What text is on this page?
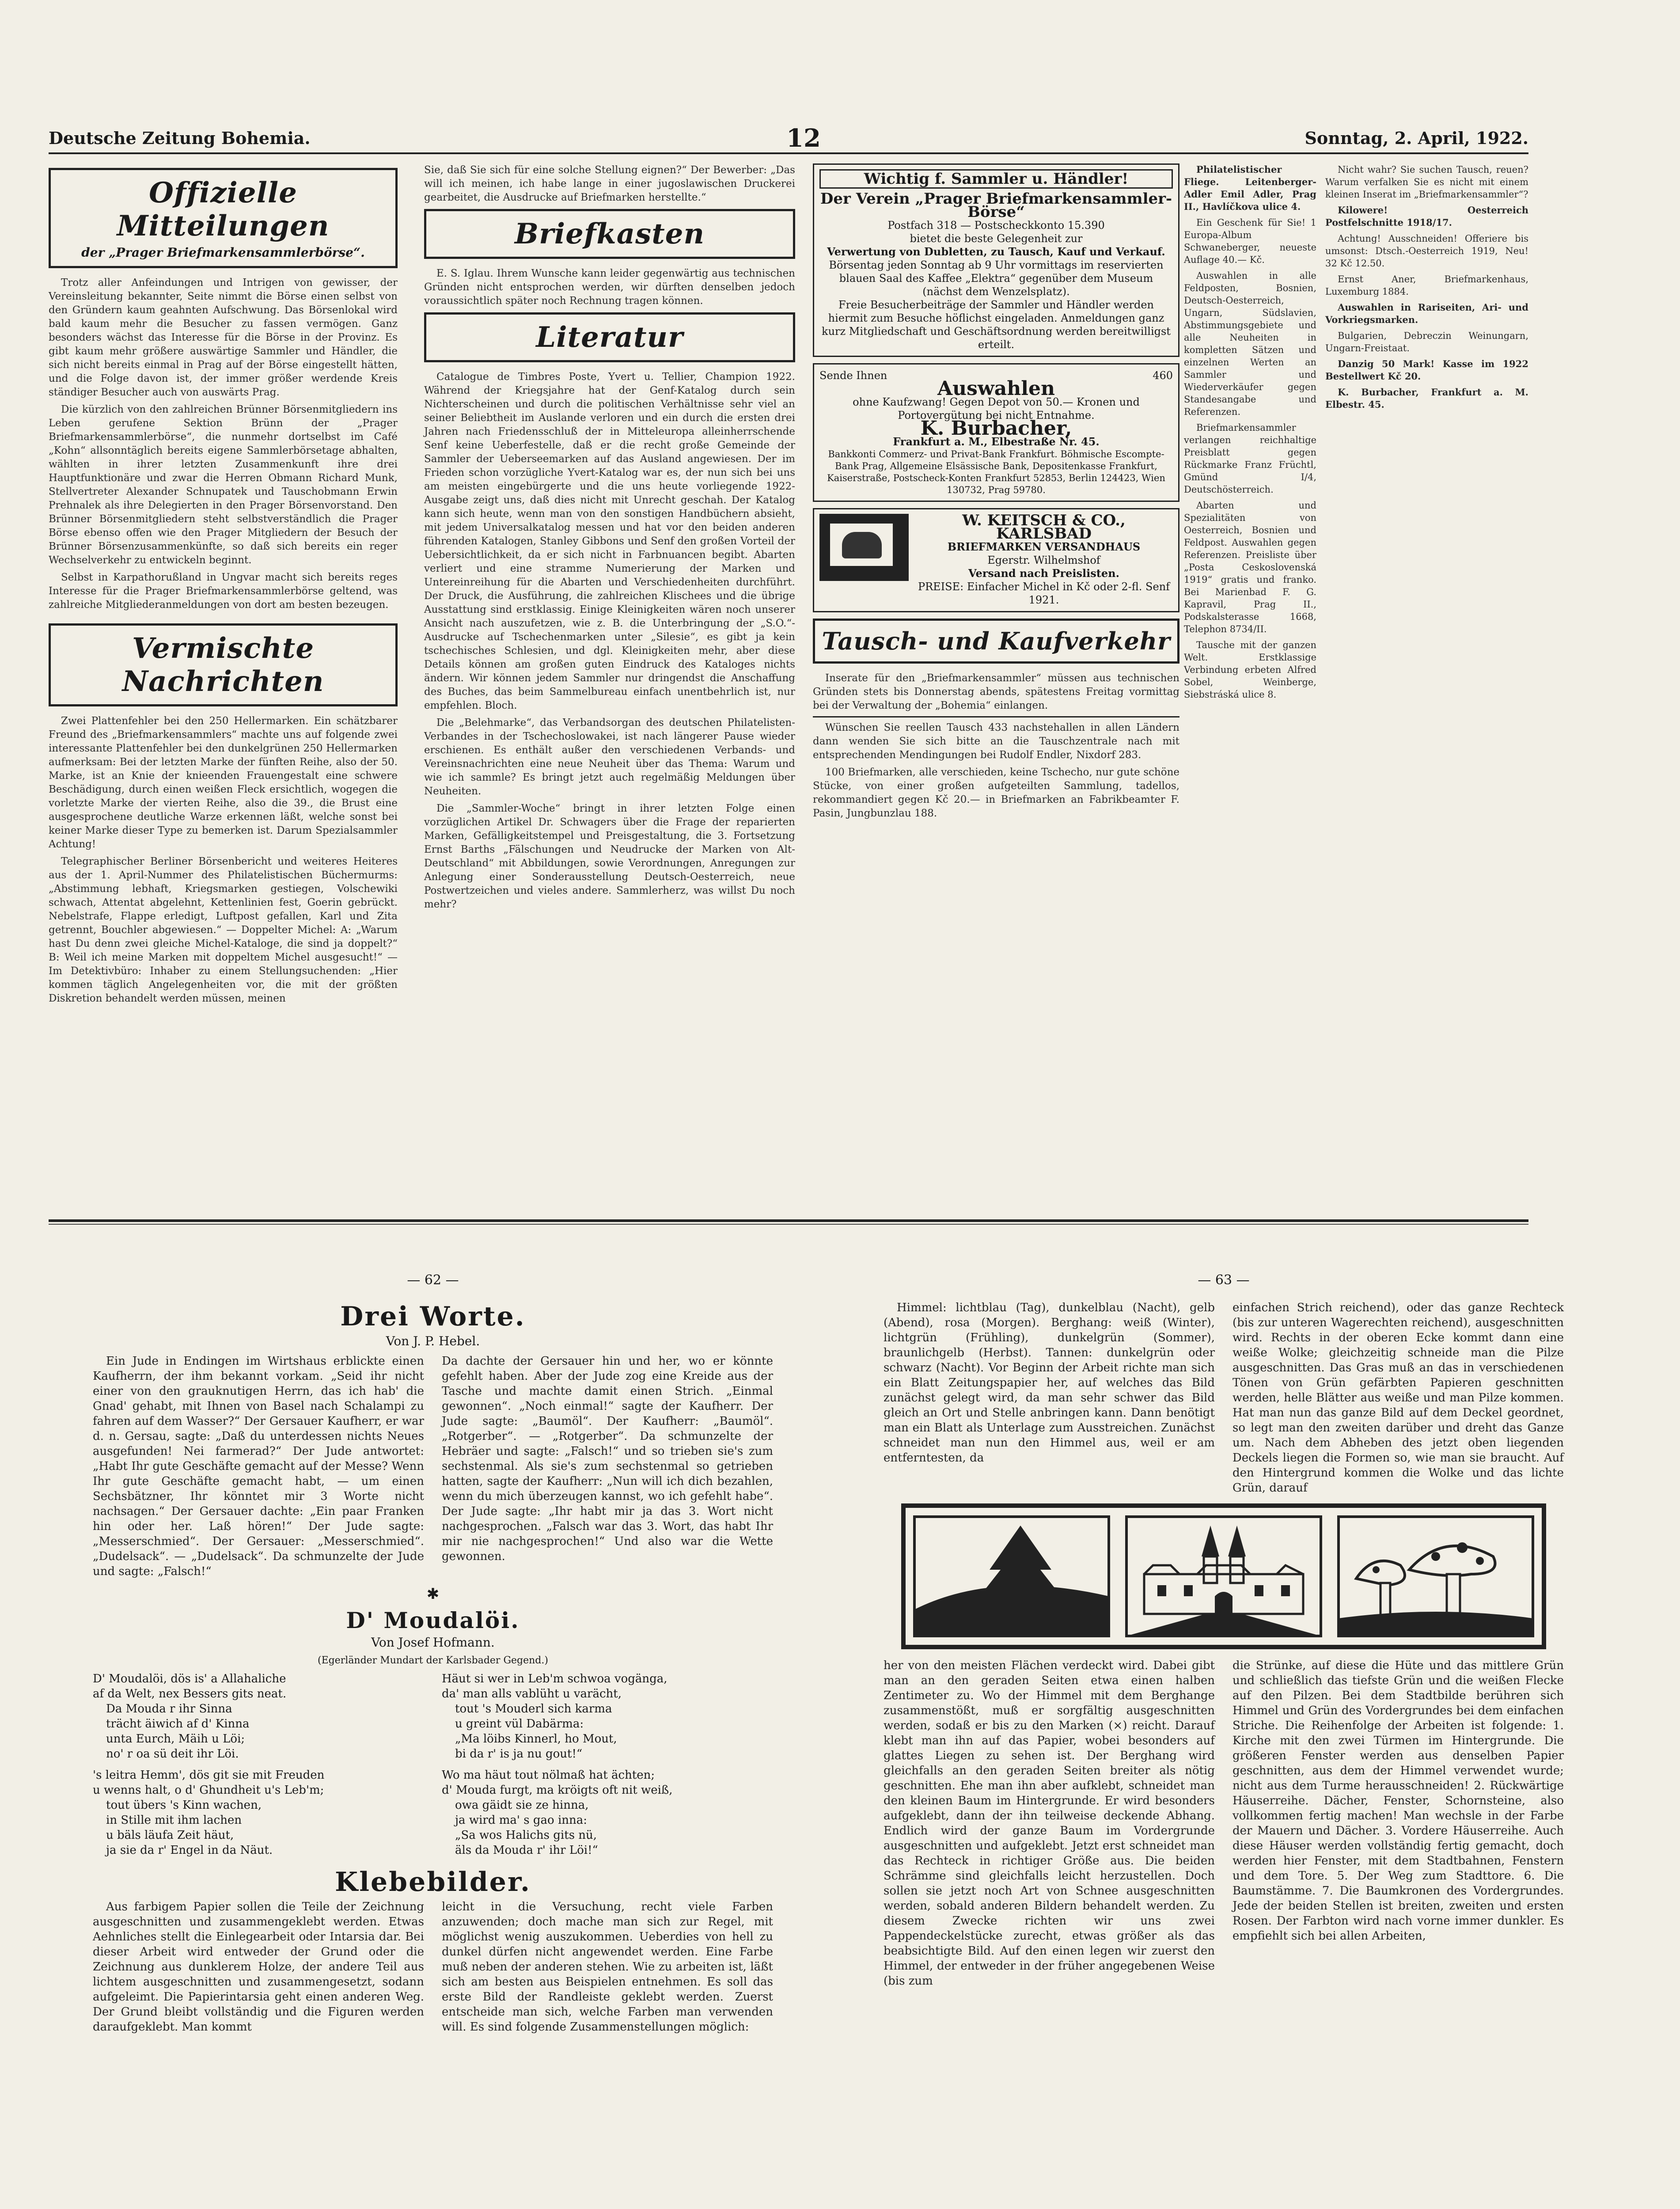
Deutsche Zeitung Bohemia.	12	Sonntag, 2. April, 1922.
Offizielle Mitteilungen
der „Prager Briefmarkensammlerbörse“.

Trotz aller Anfeindungen und Intrigen von gewisser, der Vereinsleitung bekannter, Seite nimmt die Börse einen selbst von den Gründern kaum geahnten Aufschwung. Das Börsenlokal wird bald kaum mehr die Besucher zu fassen vermögen. Ganz besonders wächst das Interesse für die Börse in der Provinz. Es gibt kaum mehr größere auswärtige Sammler und Händler, die sich nicht bereits einmal in Prag auf der Börse eingestellt hätten, und die Folge davon ist, der immer größer werdende Kreis ständiger Besucher auch von auswärts Prag.

Die kürzlich von den zahlreichen Brünner Börsenmitgliedern ins Leben gerufene Sektion Brünn der „Prager Briefmarkensammlerbörse“, die nunmehr dortselbst im Café „Kohn“ allsonntäglich bereits eigene Sammlerbörsetage abhalten, wählten in ihrer letzten Zusammenkunft ihre drei Hauptfunktionäre und zwar die Herren Obmann Richard Munk, Stellvertreter Alexander Schnupatek und Tauschobmann Erwin Prehnalek als ihre Delegierten in den Prager Börsenvorstand. Den Brünner Börsenmitgliedern steht selbstverständlich die Prager Börse ebenso offen wie den Prager Mitgliedern der Besuch der Brünner Börsenzusammenkünfte, so daß sich bereits ein reger Wechselverkehr zu entwickeln beginnt.

Selbst in Karpathorußland in Ungvar macht sich bereits reges Interesse für die Prager Briefmarkensammlerbörse geltend, was zahlreiche Mitgliederanmeldungen von dort am besten bezeugen.

Vermischte Nachrichten

Zwei Plattenfehler bei den 250 Hellermarken. Ein schätzbarer Freund des „Briefmarkensammlers“ machte uns auf folgende zwei interessante Plattenfehler bei den dunkelgrünen 250 Hellermarken aufmerksam: Bei der letzten Marke der fünften Reihe, also der 50. Marke, ist an Knie der knieenden Frauengestalt eine schwere Beschädigung, durch einen weißen Fleck ersichtlich, wogegen die vorletzte Marke der vierten Reihe, also die 39., die Brust eine ausgesprochene deutliche Warze erkennen läßt, welche sonst bei keiner Marke dieser Type zu bemerken ist. Darum Spezialsammler Achtung!

Telegraphischer Berliner Börsenbericht und weiteres Heiteres aus der 1. April-Nummer des Philatelistischen Büchermurms: „Abstimmung lebhaft, Kriegsmarken gestiegen, Volschewiki schwach, Attentat abgelehnt, Kettenlinien fest, Goerin gebrückt. Nebelstrafe, Flappe erledigt, Luftpost gefallen, Karl und Zita getrennt, Bouchler abgewiesen.“ — Doppelter Michel: A: „Warum hast Du denn zwei gleiche Michel-Kataloge, die sind ja doppelt?“ B: Weil ich meine Marken mit doppeltem Michel ausgesucht!“ — Im Detektivbüro: Inhaber zu einem Stellungsuchenden: „Hier kommen täglich Angelegenheiten vor, die mit der größten Diskretion behandelt werden müssen, meinen

Sie, daß Sie sich für eine solche Stellung eignen?“ Der Bewerber: „Das will ich meinen, ich habe lange in einer jugoslawischen Druckerei gearbeitet, die Ausdrucke auf Briefmarken herstellte.“

Briefkasten

E. S. Iglau. Ihrem Wunsche kann leider gegenwärtig aus technischen Gründen nicht entsprochen werden, wir dürften denselben jedoch voraussichtlich später noch Rechnung tragen können.

Literatur

Catalogue de Timbres Poste, Yvert u. Tellier, Champion 1922. Während der Kriegsjahre hat der Genf-Katalog durch sein Nichterscheinen und durch die politischen Verhältnisse sehr viel an seiner Beliebtheit im Auslande verloren und ein durch die ersten drei Jahren nach Friedensschluß der in Mitteleuropa alleinherrschende Senf keine Ueberfestelle, daß er die recht große Gemeinde der Sammler der Ueberseemarken auf das Ausland angewiesen. Der im Frieden schon vorzügliche Yvert-Katalog war es, der nun sich bei uns am meisten eingebürgerte und die uns heute vorliegende 1922-Ausgabe zeigt uns, daß dies nicht mit Unrecht geschah. Der Katalog kann sich heute, wenn man von den sonstigen Handbüchern absieht, mit jedem Universalkatalog messen und hat vor den beiden anderen führenden Katalogen, Stanley Gibbons und Senf den großen Vorteil der Uebersichtlichkeit, da er sich nicht in Farbnuancen begibt. Abarten verliert und eine stramme Numerierung der Marken und Untereinreihung für die Abarten und Verschiedenheiten durchführt. Der Druck, die Ausführung, die zahlreichen Klischees und die übrige Ausstattung sind erstklassig. Einige Kleinigkeiten wären noch unserer Ansicht nach auszufetzen, wie z. B. die Unterbringung der „S.O.“-Ausdrucke auf Tschechenmarken unter „Silesie“, es gibt ja kein tschechisches Schlesien, und dgl. Kleinigkeiten mehr, aber diese Details können am großen guten Eindruck des Kataloges nichts ändern. Wir können jedem Sammler nur dringendst die Anschaffung des Buches, das beim Sammelbureau einfach unentbehrlich ist, nur empfehlen. Bloch.

Die „Belehmarke“, das Verbandsorgan des deutschen Philatelisten-Verbandes in der Tschechoslowakei, ist nach längerer Pause wieder erschienen. Es enthält außer den verschiedenen Verbands- und Vereinsnachrichten eine neue Neuheit über das Thema: Warum und wie ich sammle? Es bringt jetzt auch regelmäßig Meldungen über Neuheiten.

Die „Sammler-Woche“ bringt in ihrer letzten Folge einen vorzüglichen Artikel Dr. Schwagers über die Frage der reparierten Marken, Gefälligkeitstempel und Preisgestaltung, die 3. Fortsetzung Ernst Barths „Fälschungen und Neudrucke der Marken von Alt-Deutschland“ mit Abbildungen, sowie Verordnungen, Anregungen zur Anlegung einer Sonderausstellung Deutsch-Oesterreich, neue Postwertzeichen und vieles andere. Sammlerherz, was willst Du noch mehr?

Wichtig f. Sammler u. Händler!
Der Verein „Prager Briefmarkensammler-Börse“
Postfach 318 — Postscheckkonto 15.390
bietet die beste Gelegenheit zur
Verwertung von Dubletten, zu Tausch, Kauf und Verkauf.
Börsentag jeden Sonntag ab 9 Uhr vormittags im reservierten blauen Saal des Kaffee „Elektra“ gegenüber dem Museum (nächst dem Wenzelsplatz).
Freie Besucherbeiträge der Sammler und Händler werden hiermit zum Besuche höflichst eingeladen. Anmeldungen ganz kurz Mitgliedschaft und Geschäftsordnung werden bereitwilligst erteilt.
Sende Ihnen	460
Auswahlen
ohne Kaufzwang! Gegen Depot von 50.— Kronen und Portovergütung bei nicht Entnahme.
K. Burbacher,
Frankfurt a. M., Elbestraße Nr. 45.
Bankkonti Commerz- und Privat-Bank Frankfurt. Böhmische Escompte-Bank Prag, Allgemeine Elsässische Bank, Depositenkasse Frankfurt, Kaiserstraße, Postscheck-Konten Frankfurt 52853, Berlin 124423, Wien 130732, Prag 59780.
W. KEITSCH & CO., KARLSBAD
BRIEFMARKEN VERSANDHAUS
Egerstr. Wilhelmshof
Versand nach Preislisten.
PREISE: Einfacher Michel in Kč oder 2-fl. Senf 1921.
Tausch- und Kaufverkehr

Inserate für den „Briefmarkensammler“ müssen aus technischen Gründen stets bis Donnerstag abends, spätestens Freitag vormittag bei der Verwaltung der „Bohemia“ einlangen.

Wünschen Sie reellen Tausch 433 nachstehallen in allen Ländern dann wenden Sie sich bitte an die Tauschzentrale nach mit entsprechenden Mendingungen bei Rudolf Endler, Nixdorf 283.

100 Briefmarken, alle verschieden, keine Tschecho, nur gute schöne Stücke, von einer großen aufgeteilten Sammlung, tadellos, rekommandiert gegen Kč 20.— in Briefmarken an Fabrikbeamter F. Pasin, Jungbunzlau 188.

Philatelistischer Fliege. Leitenberger-Adler Emil Adler, Prag II., Havlíčkova ulice 4.

Ein Geschenk für Sie! 1 Europa-Album Schwaneberger, neueste Auflage 40.— Kč.

Auswahlen in alle Feldposten, Bosnien, Deutsch-Oesterreich, Ungarn, Südslavien, Abstimmungsgebiete und alle Neuheiten in kompletten Sätzen und einzelnen Werten an Sammler und Wiederverkäufer gegen Standesangabe und Referenzen.

Briefmarkensammler verlangen reichhaltige Preisblatt gegen Rückmarke Franz Früchtl, Gmünd I/4, Deutschösterreich.

Abarten und Spezialitäten von Oesterreich, Bosnien und Feldpost. Auswahlen gegen Referenzen. Preisliste über „Posta Ceskoslovenská 1919“ gratis und franko. Bei Marienbad F. G. Kapravil, Prag II., Podskalsterasse 1668, Telephon 8734/II.

Tausche mit der ganzen Welt. Erstklassige Verbindung erbeten Alfred Sobel, Weinberge, Siebstráská ulice 8.

Nicht wahr? Sie suchen Tausch, reuen? Warum verfalken Sie es nicht mit einem kleinen Inserat im „Briefmarkensammler“?

Kilowere! Oesterreich Postfelschnitte 1918/17.

Achtung! Ausschneiden! Offeriere bis umsonst: Dtsch.-Oesterreich 1919, Neu! 32 Kč 12.50.

Ernst Aner, Briefmarkenhaus, Luxemburg 1884.

Auswahlen in Rariseiten, Ari- und Vorkriegsmarken.

Bulgarien, Debreczin Weinungarn, Ungarn-Freistaat.

Danzig 50 Mark! Kasse im 1922 Bestellwert Kč 20.

K. Burbacher, Frankfurt a. M. Elbestr. 45.

— 62 —
Drei Worte.
Von J. P. Hebel.

Ein Jude in Endingen im Wirtshaus erblickte einen Kaufherrn, der ihm bekannt vorkam. „Seid ihr nicht einer von den grauknutigen Herrn, das ich hab' die Gnad' gehabt, mit Ihnen von Basel nach Schalampi zu fahren auf dem Wasser?“ Der Gersauer Kaufherr, er war d. n. Gersau, sagte: „Daß du unterdessen nichts Neues ausgefunden! Nei farmerad?“ Der Jude antwortet: „Habt Ihr gute Geschäfte gemacht auf der Messe? Wenn Ihr gute Geschäfte gemacht habt, — um einen Sechsbätzner, Ihr könntet mir 3 Worte nicht nachsagen.“ Der Gersauer dachte: „Ein paar Franken hin oder her. Laß hören!“ Der Jude sagte: „Messerschmied“. Der Gersauer: „Messerschmied“. „Dudelsack“. — „Dudelsack“. Da schmunzelte der Jude und sagte: „Falsch!“

Da dachte der Gersauer hin und her, wo er könnte gefehlt haben. Aber der Jude zog eine Kreide aus der Tasche und machte damit einen Strich. „Einmal gewonnen“. „Noch einmal!“ sagte der Kaufherr. Der Jude sagte: „Baumöl“. Der Kaufherr: „Baumöl“. „Rotgerber“. — „Rotgerber“. Da schmunzelte der Hebräer und sagte: „Falsch!“ und so trieben sie's zum sechstenmal. Als sie's zum sechstenmal so getrieben hatten, sagte der Kaufherr: „Nun will ich dich bezahlen, wenn du mich überzeugen kannst, wo ich gefehlt habe“. Der Jude sagte: „Ihr habt mir ja das 3. Wort nicht nachgesprochen. „Falsch war das 3. Wort, das habt Ihr mir nie nachgesprochen!“ Und also war die Wette gewonnen.

✱
D' Moudalöi.
Von Josef Hofmann.
(Egerländer Mundart der Karlsbader Gegend.)
D' Moudalöi, dös is' a Allahaliche
af da Welt, nex Bessers gits neat.
Da Mouda r ihr Sinna
trächt äiwich af d' Kinna
unta Eurch, Mäih u Löi;
no' r oa sü deit ihr Löi.
's leitra Hemm', dös git sie mit Freuden
u wenns halt, o d' Ghundheit u's Leb'm;
tout übers 's Kinn wachen,
in Stille mit ihm lachen
u bäls läufa Zeit häut,
ja sie da r' Engel in da Näut.
Häut si wer in Leb'm schwoa vogänga,
da' man alls vablüht u varächt,
tout 's Mouderl sich karma
u greint vül Dabärma:
„Ma löibs Kinnerl, ho Mout,
bi da r' is ja nu gout!“
Wo ma häut tout nölmaß hat ächten;
d' Mouda furgt, ma kröigts oft nit weiß,
owa gäidt sie ze hinna,
ja wird ma' s gao inna:
„Sa wos Halichs gits nü,
äls da Mouda r' ihr Löi!“
Klebebilder.

Aus farbigem Papier sollen die Teile der Zeichnung ausgeschnitten und zusammengeklebt werden. Etwas Aehnliches stellt die Einlegearbeit oder Intarsia dar. Bei dieser Arbeit wird entweder der Grund oder die Zeichnung aus dunklerem Holze, der andere Teil aus lichtem ausgeschnitten und zusammengesetzt, sodann aufgeleimt. Die Papierintarsia geht einen anderen Weg. Der Grund bleibt vollständig und die Figuren werden daraufgeklebt. Man kommt

leicht in die Versuchung, recht viele Farben anzuwenden; doch mache man sich zur Regel, mit möglichst wenig auszukommen. Ueberdies von hell zu dunkel dürfen nicht angewendet werden. Eine Farbe muß neben der anderen stehen. Wie zu arbeiten ist, läßt sich am besten aus Beispielen entnehmen. Es soll das erste Bild der Randleiste geklebt werden. Zuerst entscheide man sich, welche Farben man verwenden will. Es sind folgende Zusammenstellungen möglich:

— 63 —

Himmel: lichtblau (Tag), dunkelblau (Nacht), gelb (Abend), rosa (Morgen). Berghang: weiß (Winter), lichtgrün (Frühling), dunkelgrün (Sommer), braunlichgelb (Herbst). Tannen: dunkelgrün oder schwarz (Nacht). Vor Beginn der Arbeit richte man sich ein Blatt Zeitungspapier her, auf welches das Bild zunächst gelegt wird, da man sehr schwer das Bild gleich an Ort und Stelle anbringen kann. Dann benötigt man ein Blatt als Unterlage zum Ausstreichen. Zunächst schneidet man nun den Himmel aus, weil er am entferntesten, da

einfachen Strich reichend), oder das ganze Rechteck (bis zur unteren Wagerechten reichend), ausgeschnitten wird. Rechts in der oberen Ecke kommt dann eine weiße Wolke; gleichzeitig schneide man die Pilze ausgeschnitten. Das Gras muß an das in verschiedenen Tönen von Grün gefärbten Papieren geschnitten werden, helle Blätter aus weiße und man Pilze kommen. Hat man nun das ganze Bild auf dem Deckel geordnet, so legt man den zweiten darüber und dreht das Ganze um. Nach dem Abheben des jetzt oben liegenden Deckels liegen die Formen so, wie man sie braucht. Auf den Hintergrund kommen die Wolke und das lichte Grün, darauf

her von den meisten Flächen verdeckt wird. Dabei gibt man an den geraden Seiten etwa einen halben Zentimeter zu. Wo der Himmel mit dem Berghange zusammenstößt, muß er sorgfältig ausgeschnitten werden, sodaß er bis zu den Marken (×) reicht. Darauf klebt man ihn auf das Papier, wobei besonders auf glattes Liegen zu sehen ist. Der Berghang wird gleichfalls an den geraden Seiten breiter als nötig geschnitten. Ehe man ihn aber aufklebt, schneidet man den kleinen Baum im Hintergrunde. Er wird besonders aufgeklebt, dann der ihn teilweise deckende Abhang. Endlich wird der ganze Baum im Vordergrunde ausgeschnitten und aufgeklebt. Jetzt erst schneidet man das Rechteck in richtiger Größe aus. Die beiden Schrämme sind gleichfalls leicht herzustellen. Doch sollen sie jetzt noch Art von Schnee ausgeschnitten werden, sobald anderen Bildern behandelt werden. Zu diesem Zwecke richten wir uns zwei Pappendeckelstücke zurecht, etwas größer als das beabsichtigte Bild. Auf den einen legen wir zuerst den Himmel, der entweder in der früher angegebenen Weise (bis zum

die Strünke, auf diese die Hüte und das mittlere Grün und schließlich das tiefste Grün und die weißen Flecke auf den Pilzen. Bei dem Stadtbilde berühren sich Himmel und Grün des Vordergrundes bei dem einfachen Striche. Die Reihenfolge der Arbeiten ist folgende: 1. Kirche mit den zwei Türmen im Hintergrunde. Die größeren Fenster werden aus denselben Papier geschnitten, aus dem der Himmel verwendet wurde; nicht aus dem Turme herausschneiden! 2. Rückwärtige Häuserreihe. Dächer, Fenster, Schornsteine, also vollkommen fertig machen! Man wechsle in der Farbe der Mauern und Dächer. 3. Vordere Häuserreihe. Auch diese Häuser werden vollständig fertig gemacht, doch werden hier Fenster, mit dem Stadtbahnen, Fenstern und dem Tore. 5. Der Weg zum Stadttore. 6. Die Baumstämme. 7. Die Baumkronen des Vordergrundes. Jede der beiden Stellen ist breiten, zweiten und ersten Rosen. Der Farbton wird nach vorne immer dunkler. Es empfiehlt sich bei allen Arbeiten,
